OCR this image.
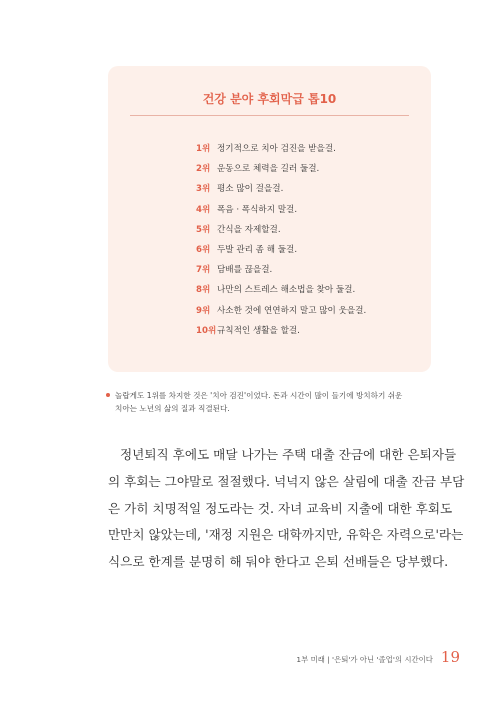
건강 분야 후회막급 톱10
1위 정기적으로 치아 검진을 받을걸.
2위 운동으로 체력을 길러 둘걸.
3위 평소 많이 걸을걸.
4위 폭음 · 폭식하지 말걸.
5위 간식을 자제할걸.
6위 두발 관리 좀 해 둘걸.
7위 담배를 끊을걸.
8위 나만의 스트레스 해소법을 찾아 둘걸.
9위 사소한 것에 연연하지 말고 많이 웃을걸.
10위 규칙적인 생활을 할걸.
놀랍게도 1위를 차지한 것은 '치아 검진'이었다. 돈과 시간이 많이 들기에 방치하기 쉬운
치아는 노년의 삶의 질과 직결된다.

정년퇴직 후에도 매달 나가는 주택 대출 잔금에 대한 은퇴자들

의 후회는 그야말로 절절했다. 넉넉지 않은 살림에 대출 잔금 부담

은 가히 치명적일 정도라는 것. 자녀 교육비 지출에 대한 후회도

만만치 않았는데, '재정 지원은 대학까지만, 유학은 자력으로'라는

식으로 한계를 분명히 해 둬야 한다고 은퇴 선배들은 당부했다.

1부 미래 | '은퇴'가 아닌 '졸업'의 시간이다 19
